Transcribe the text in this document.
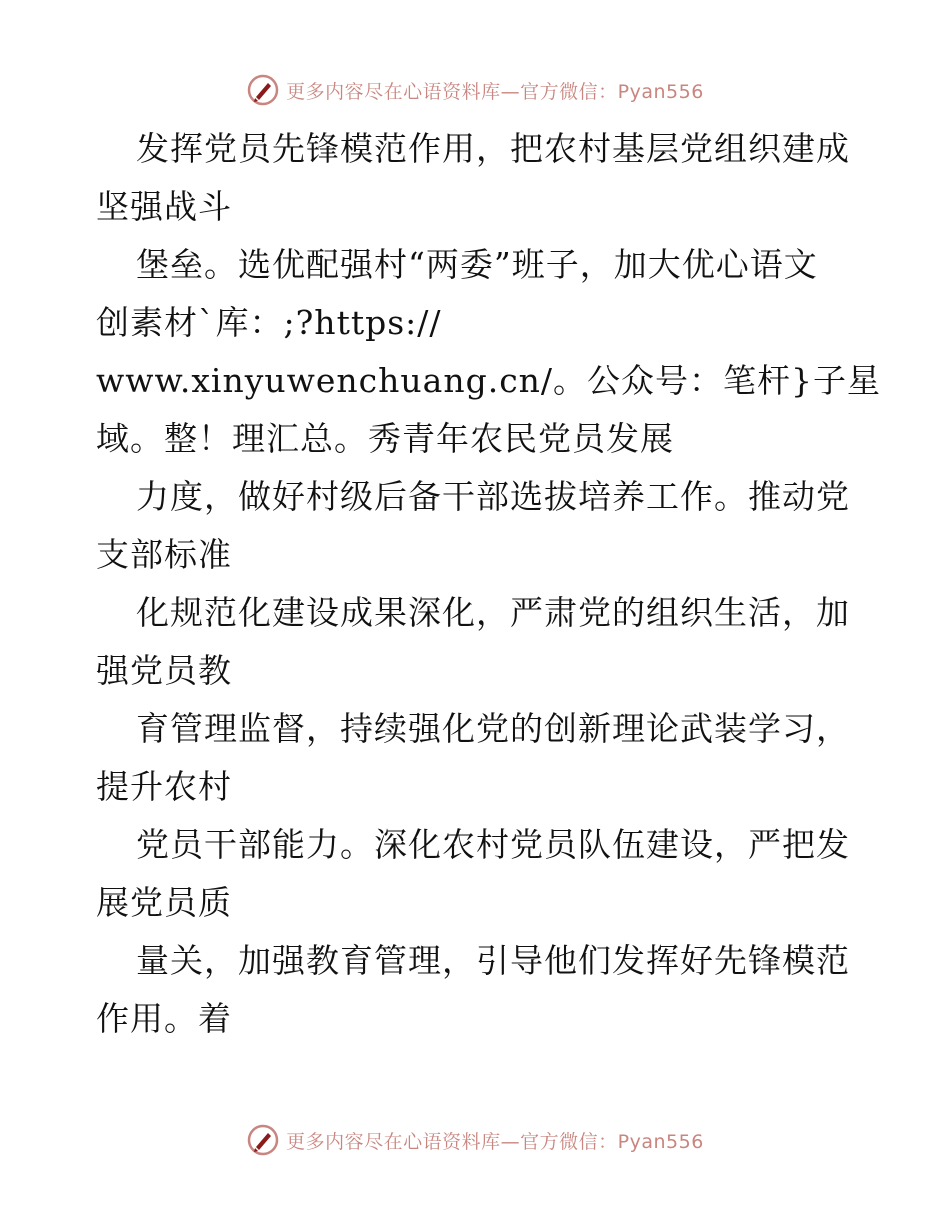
更多内容尽在心语资料库—官方微信：Pyan556
发挥党员先锋模范作用，把农村基层党组织建成
坚强战斗
堡垒。选优配强村“两委”班子，加大优心语文
创素材`库：;?https://
www.xinyuwenchuang.cn/。公众号：笔杆}子星
域。整！理汇总。秀青年农民党员发展
力度，做好村级后备干部选拔培养工作。推动党
支部标准
化规范化建设成果深化，严肃党的组织生活，加
强党员教
育管理监督，持续强化党的创新理论武装学习，
提升农村
党员干部能力。深化农村党员队伍建设，严把发
展党员质
量关，加强教育管理，引导他们发挥好先锋模范
作用。着
更多内容尽在心语资料库—官方微信：Pyan556
